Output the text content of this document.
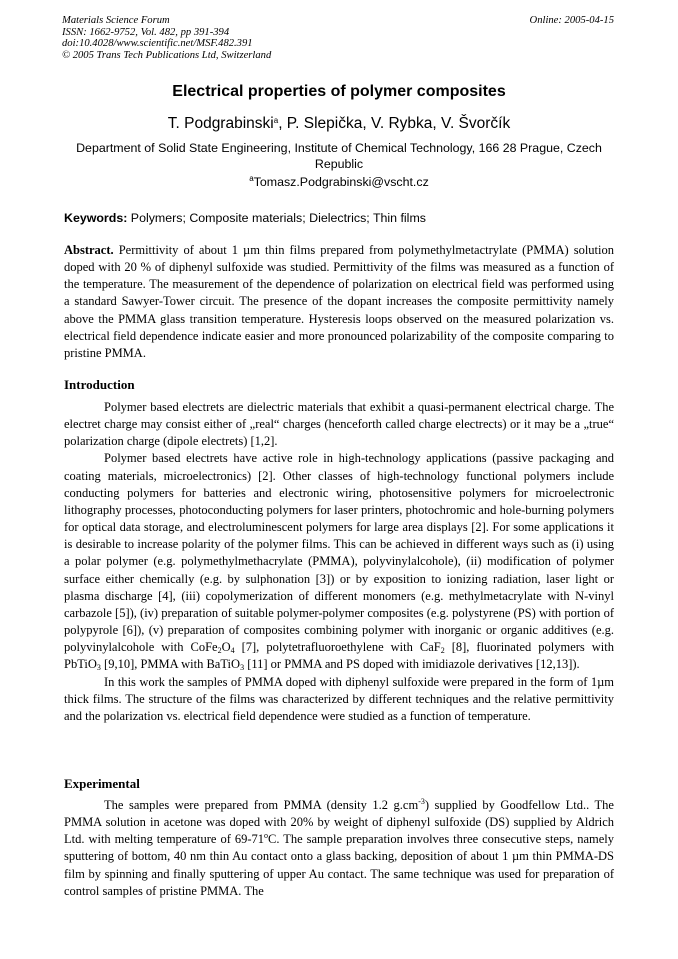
Materials Science Forum
ISSN: 1662-9752, Vol. 482, pp 391-394
doi:10.4028/www.scientific.net/MSF.482.391
© 2005 Trans Tech Publications Ltd, Switzerland
Online: 2005-04-15
Electrical properties of polymer composites
T. Podgrabinski$^a$, P. Slepička, V. Rybka, V. Švorčík
Department of Solid State Engineering, Institute of Chemical Technology, 166 28 Prague, Czech Republic
$^a$Tomasz.Podgrabinski@vscht.cz
Keywords: Polymers; Composite materials; Dielectrics; Thin films

Abstract. Permittivity of about 1 µm thin films prepared from polymethylmetactrylate (PMMA) solution doped with 20 % of diphenyl sulfoxide was studied. Permittivity of the films was measured as a function of the temperature. The measurement of the dependence of polarization on electrical field was performed using a standard Sawyer-Tower circuit. The presence of the dopant increases the composite permittivity namely above the PMMA glass transition temperature. Hysteresis loops observed on the measured polarization vs. electrical field dependence indicate easier and more pronounced polarizability of the composite comparing to pristine PMMA.

Introduction

Polymer based electrets are dielectric materials that exhibit a quasi-permanent electrical charge. The electret charge may consist either of „real“ charges (henceforth called charge electrects) or it may be a „true“ polarization charge (dipole electrets) [1,2].

Polymer based electrets have active role in high-technology applications (passive packaging and coating materials, microelectronics) [2]. Other classes of high-technology functional polymers include conducting polymers for batteries and electronic wiring, photosensitive polymers for microelectronic lithography processes, photoconducting polymers for laser printers, photochromic and hole-burning polymers for optical data storage, and electroluminescent polymers for large area displays [2]. For some applications it is desirable to increase polarity of the polymer films. This can be achieved in different ways such as (i) using a polar polymer (e.g. polymethylmethacrylate (PMMA), polyvinylalcohole), (ii) modification of polymer surface either chemically (e.g. by sulphonation [3]) or by exposition to ionizing radiation, laser light or plasma discharge [4], (iii) copolymerization of different monomers (e.g. methylmetacrylate with N-vinyl carbazole [5]), (iv) preparation of suitable polymer-polymer composites (e.g. polystyrene (PS) with portion of polypyrole [6]), (v) preparation of composites combining polymer with inorganic or organic additives (e.g. polyvinylalcohole with $CoFe_2O_4$ [7], polytetrafluoroethylene with CaF$_2$ [8], fluorinated polymers with PbTiO$_3$ [9,10], PMMA with BaTiO$_3$ [11] or PMMA and PS doped with imidiazole derivatives [12,13]).

In this work the samples of PMMA doped with diphenyl sulfoxide were prepared in the form of 1µm thick films. The structure of the films was characterized by different techniques and the relative permittivity and the polarization vs. electrical field dependence were studied as a function of temperature.

Experimental

The samples were prepared from PMMA (density 1.2 $g.cm^{-3}$) supplied by Goodfellow Ltd.. The PMMA solution in acetone was doped with 20% by weight of diphenyl sulfoxide (DS) supplied by Aldrich Ltd. with melting temperature of 69-71$^o$C. The sample preparation involves three consecutive steps, namely sputtering of bottom, 40 nm thin Au contact onto a glass backing, deposition of about 1 µm thin PMMA-DS film by spinning and finally sputtering of upper Au contact. The same technique was used for preparation of control samples of pristine PMMA. The
